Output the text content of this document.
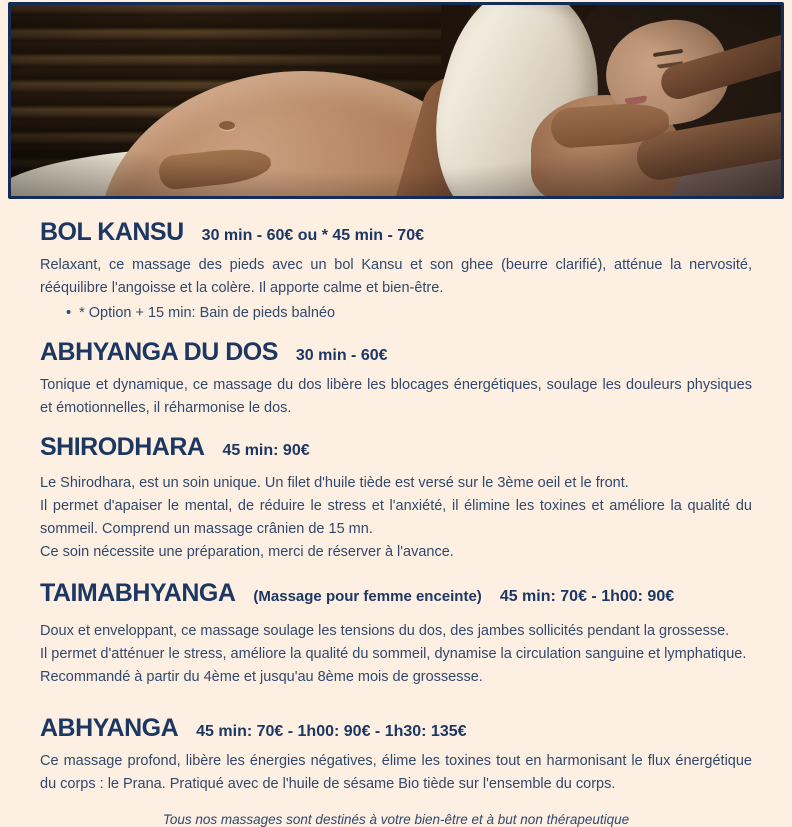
BOL KANSU 30 min - 60€ ou * 45 min - 70€

Relaxant, ce massage des pieds avec un bol Kansu et son ghee (beurre clarifié), atténue la nervosité, rééquilibre l'angoisse et la colère. Il apporte calme et bien-être.

• * Option + 15 min: Bain de pieds balnéo
ABHYANGA DU DOS 30 min - 60€

Tonique et dynamique, ce massage du dos libère les blocages énergétiques, soulage les douleurs physiques et émotionnelles, il réharmonise le dos.

SHIRODHARA 45 min: 90€

Le Shirodhara, est un soin unique. Un filet d'huile tiède est versé sur le 3ème oeil et le front.

Il permet d'apaiser le mental, de réduire le stress et l'anxiété, il élimine les toxines et améliore la qualité du sommeil. Comprend un massage crânien de 15 mn.

Ce soin nécessite une préparation, merci de réserver à l'avance.

TAIMABHYANGA (Massage pour femme enceinte) 45 min: 70€ - 1h00: 90€

Doux et enveloppant, ce massage soulage les tensions du dos, des jambes sollicités pendant la grossesse.

Il permet d'atténuer le stress, améliore la qualité du sommeil, dynamise la circulation sanguine et lymphatique.

Recommandé à partir du 4ème et jusqu'au 8ème mois de grossesse.

ABHYANGA 45 min: 70€ - 1h00: 90€ - 1h30: 135€

Ce massage profond, libère les énergies négatives, élime les toxines tout en harmonisant le flux énergétique du corps : le Prana. Pratiqué avec de l'huile de sésame Bio tiède sur l'ensemble du corps.

Tous nos massages sont destinés à votre bien-être et à but non thérapeutique
